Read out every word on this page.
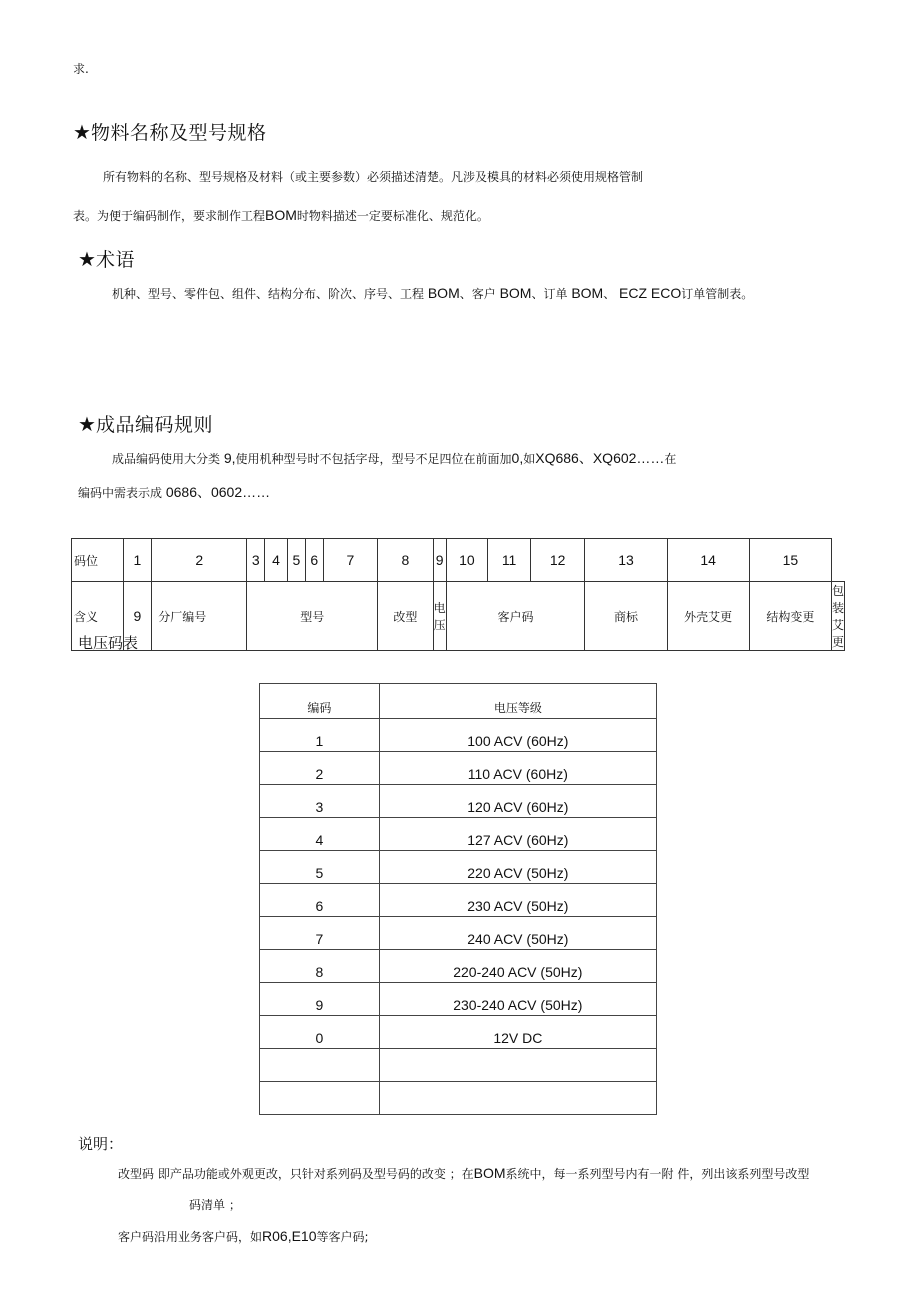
求.
★物料名称及型号规格
所有物料的名称、型号规格及材料（或主要参数）必须描述清楚。凡涉及模具的材料必须使用规格管制
表。为便于编码制作，要求制作工程BOM时物料描述一定要标准化、规范化。
★术语
机种、型号、零件包、组件、结构分布、阶次、序号、工程 BOM、客户 BOM、订单 BOM、 ECZ ECO订单管制表。
★成品编码规则
成品编码使用大分类 9,使用机种型号时不包括字母，型号不足四位在前面加0,如XQ686、XQ602……在
编码中需表示成 0686、0602……
码位	1	2	3	4	5	6	7	8	9	10	11	12	13	14	15	
含义	9	分厂编号	型号					改型	电压	客户码			商标	外壳艾更	结构变更	包装艾更
电压码表
编码	电压等级
1	100 ACV (60Hz)
2	110 ACV (60Hz)
3	120 ACV (60Hz)
4	127 ACV (60Hz)
5	220 ACV (50Hz)
6	230 ACV (50Hz)
7	240 ACV (50Hz)
8	220-240 ACV (50Hz)
9	230-240 ACV (50Hz)
0	12V DC

说明：
改型码 即产品功能或外观更改，只针对系列码及型号码的改变 ；在BOM系统中，每一系列型号内有一附 件，列出该系列型号改型
码清单 ；
客户码沿用业务客户码，如R06,E10等客户码;
